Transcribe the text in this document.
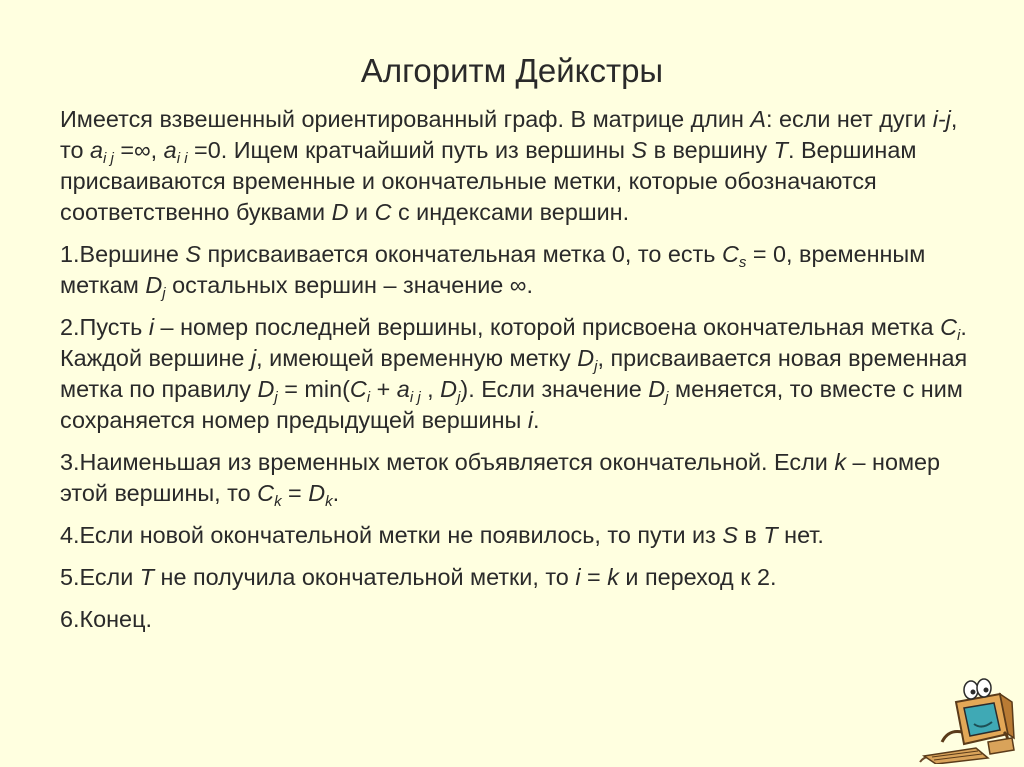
Алгоритм Дейкстры

Имеется взвешенный ориентированный граф. В матрице длин A: если нет дуги i-j, то $a_{i j}$ =∞, $a_{i i} =0$. Ищем кратчайший путь из вершины S в вершину T. Вершинам присваиваются временные и окончательные метки, которые обозначаются соответственно буквами D и C с индексами вершин.

1.Вершине S присваивается окончательная метка 0, то есть $C_s = 0$, временным меткам $D_j$ остальных вершин – значение ∞.

2.Пусть i – номер последней вершины, которой присвоена окончательная метка $C_i$. Каждой вершине j, имеющей временную метку $D_j$, присваивается новая временная метка по правилу $D_j = \min(C_i + a_{i j}$ , $D_j$). Если значение $D_j$ меняется, то вместе с ним сохраняется номер предыдущей вершины i.

3.Наименьшая из временных меток объявляется окончательной. Если k – номер этой вершины, то $C_k = D_k$.

4.Если новой окончательной метки не появилось, то пути из S в T нет.

5.Если T не получила окончательной метки, то i = k и переход к 2.

6.Конец.
